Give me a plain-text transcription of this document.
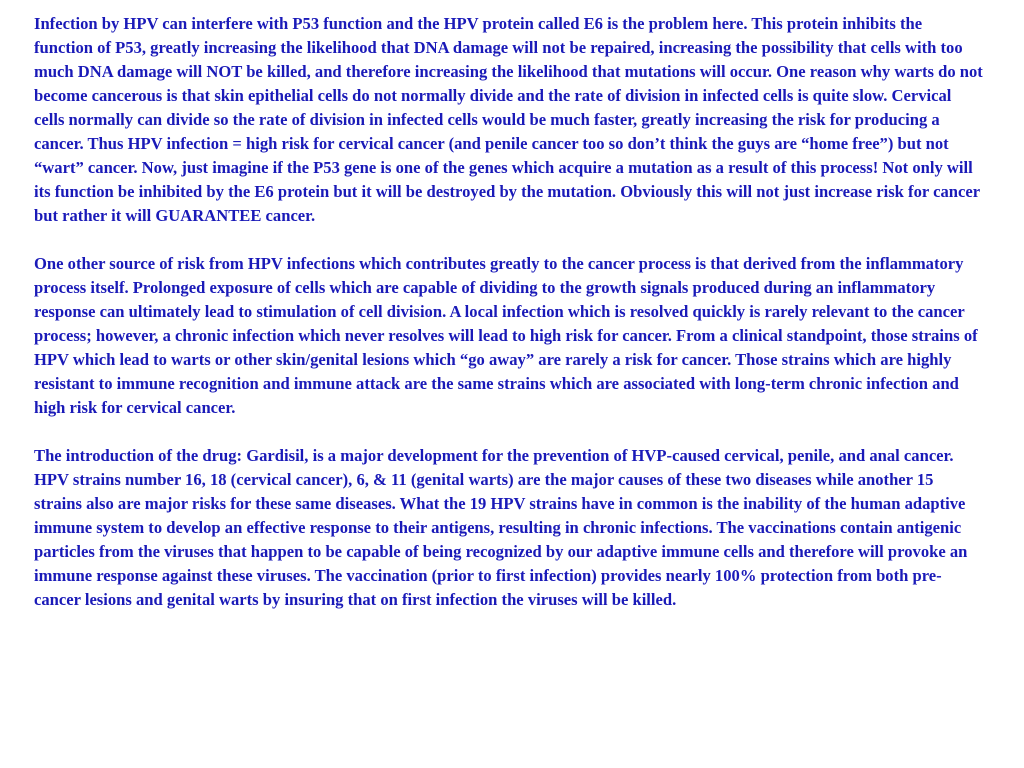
Infection by HPV can interfere with P53 function and the HPV protein called E6 is the problem here. This protein inhibits the function of P53, greatly increasing the likelihood that DNA damage will not be repaired, increasing the possibility that cells with too much DNA damage will NOT be killed, and therefore increasing the likelihood that mutations will occur. One reason why warts do not become cancerous is that skin epithelial cells do not normally divide and the rate of division in infected cells is quite slow. Cervical cells normally can divide so the rate of division in infected cells would be much faster, greatly increasing the risk for producing a cancer. Thus HPV infection = high risk for cervical cancer (and penile cancer too so don’t think the guys are “home free”) but not “wart” cancer. Now, just imagine if the P53 gene is one of the genes which acquire a mutation as a result of this process! Not only will its function be inhibited by the E6 protein but it will be destroyed by the mutation. Obviously this will not just increase risk for cancer but rather it will GUARANTEE cancer.

One other source of risk from HPV infections which contributes greatly to the cancer process is that derived from the inflammatory process itself. Prolonged exposure of cells which are capable of dividing to the growth signals produced during an inflammatory response can ultimately lead to stimulation of cell division. A local infection which is resolved quickly is rarely relevant to the cancer process; however, a chronic infection which never resolves will lead to high risk for cancer. From a clinical standpoint, those strains of HPV which lead to warts or other skin/genital lesions which “go away” are rarely a risk for cancer. Those strains which are highly resistant to immune recognition and immune attack are the same strains which are associated with long-term chronic infection and high risk for cervical cancer.

The introduction of the drug: Gardisil, is a major development for the prevention of HVP-caused cervical, penile, and anal cancer. HPV strains number 16, 18 (cervical cancer), 6, & 11 (genital warts) are the major causes of these two diseases while another 15 strains also are major risks for these same diseases. What the 19 HPV strains have in common is the inability of the human adaptive immune system to develop an effective response to their antigens, resulting in chronic infections. The vaccinations contain antigenic particles from the viruses that happen to be capable of being recognized by our adaptive immune cells and therefore will provoke an immune response against these viruses. The vaccination (prior to first infection) provides nearly 100% protection from both pre-cancer lesions and genital warts by insuring that on first infection the viruses will be killed.
